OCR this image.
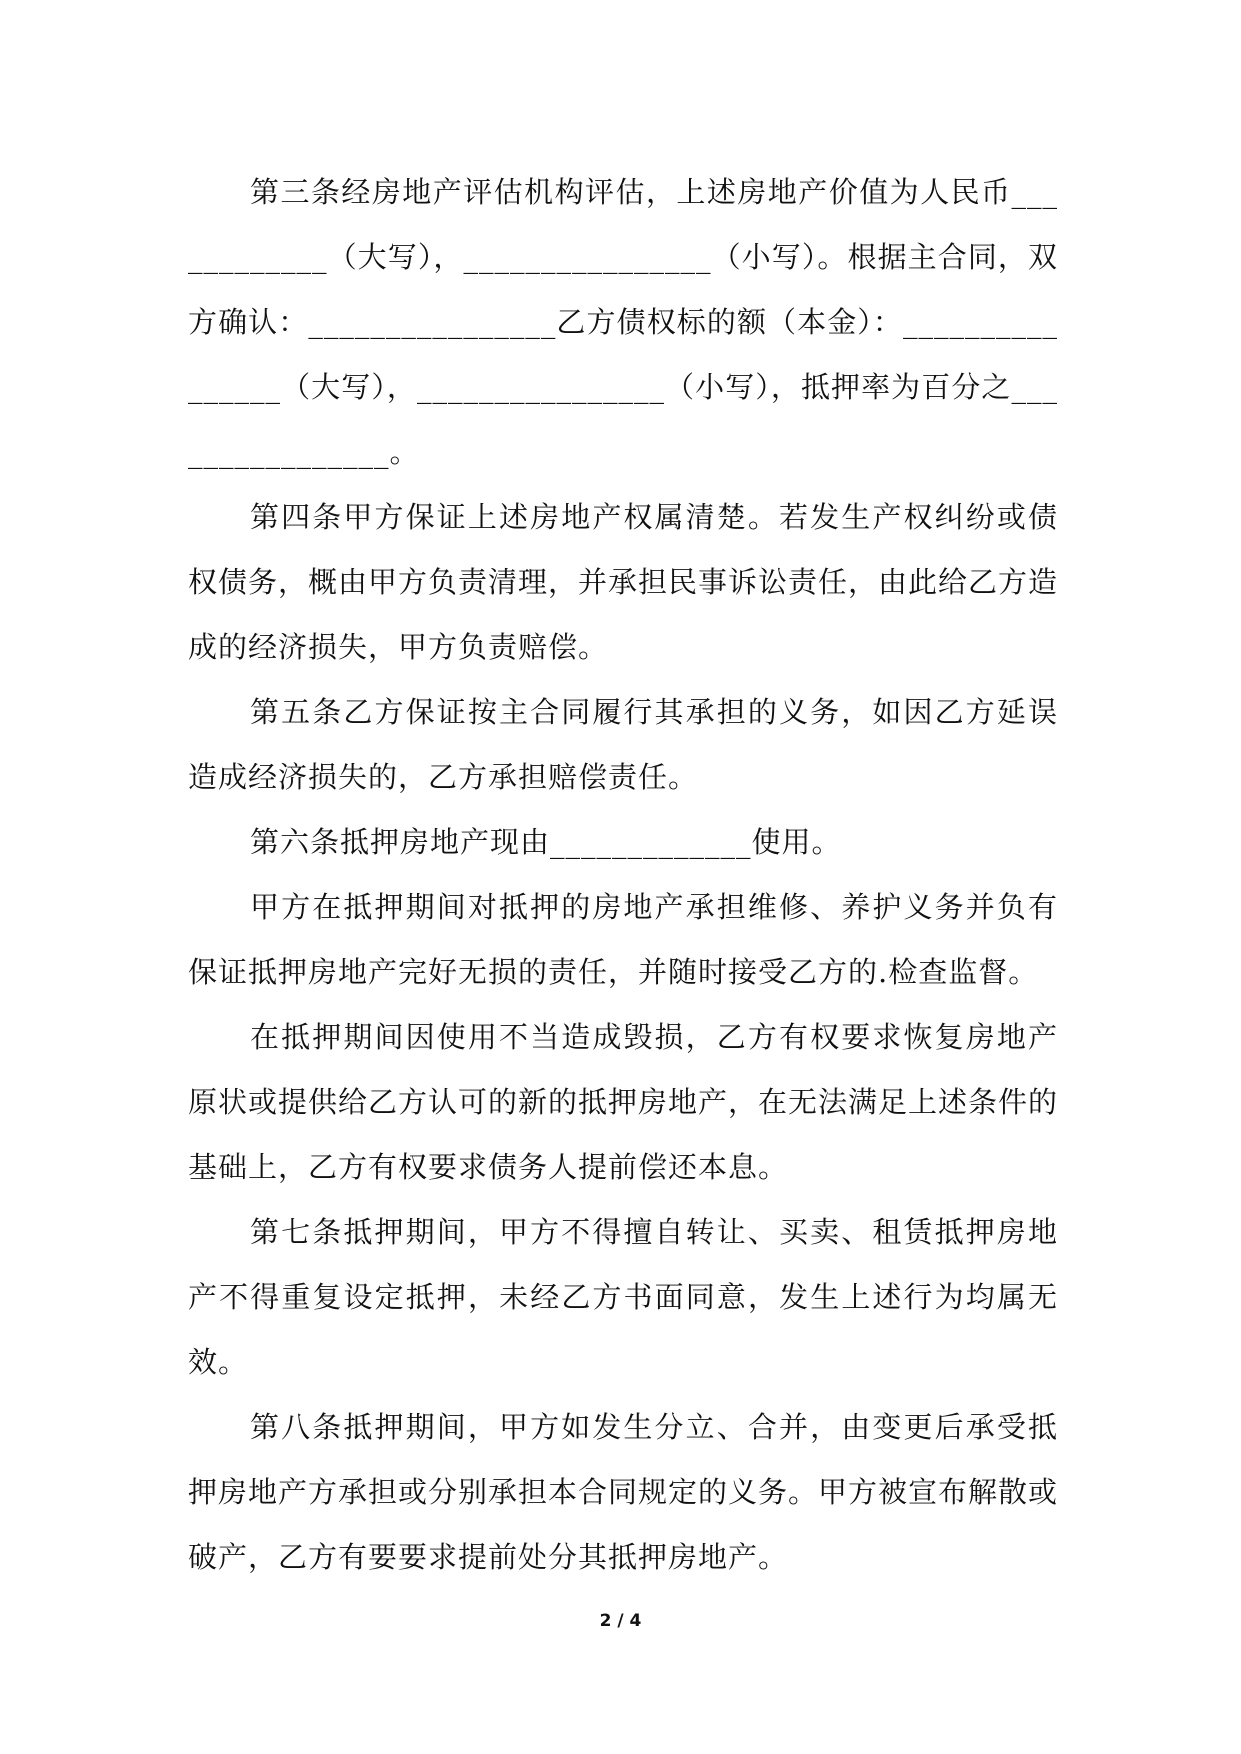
第三条经房地产评估机构评估，上述房地产价值为人民币____________（大写），________________（小写）。根据主合同，双方确认：________________乙方债权标的额（本金）：________________（大写），________________（小写），抵押率为百分之________________。

第四条甲方保证上述房地产权属清楚。若发生产权纠纷或债权债务，概由甲方负责清理，并承担民事诉讼责任，由此给乙方造成的经济损失，甲方负责赔偿。

第五条乙方保证按主合同履行其承担的义务，如因乙方延误造成经济损失的，乙方承担赔偿责任。

第六条抵押房地产现由_____________使用。

甲方在抵押期间对抵押的房地产承担维修、养护义务并负有保证抵押房地产完好无损的责任，并随时接受乙方的.检查监督。

在抵押期间因使用不当造成毁损，乙方有权要求恢复房地产原状或提供给乙方认可的新的抵押房地产，在无法满足上述条件的基础上，乙方有权要求债务人提前偿还本息。

第七条抵押期间，甲方不得擅自转让、买卖、租赁抵押房地产不得重复设定抵押，未经乙方书面同意，发生上述行为均属无效。

第八条抵押期间，甲方如发生分立、合并，由变更后承受抵押房地产方承担或分别承担本合同规定的义务。甲方被宣布解散或破产，乙方有要要求提前处分其抵押房地产。

2 / 4
